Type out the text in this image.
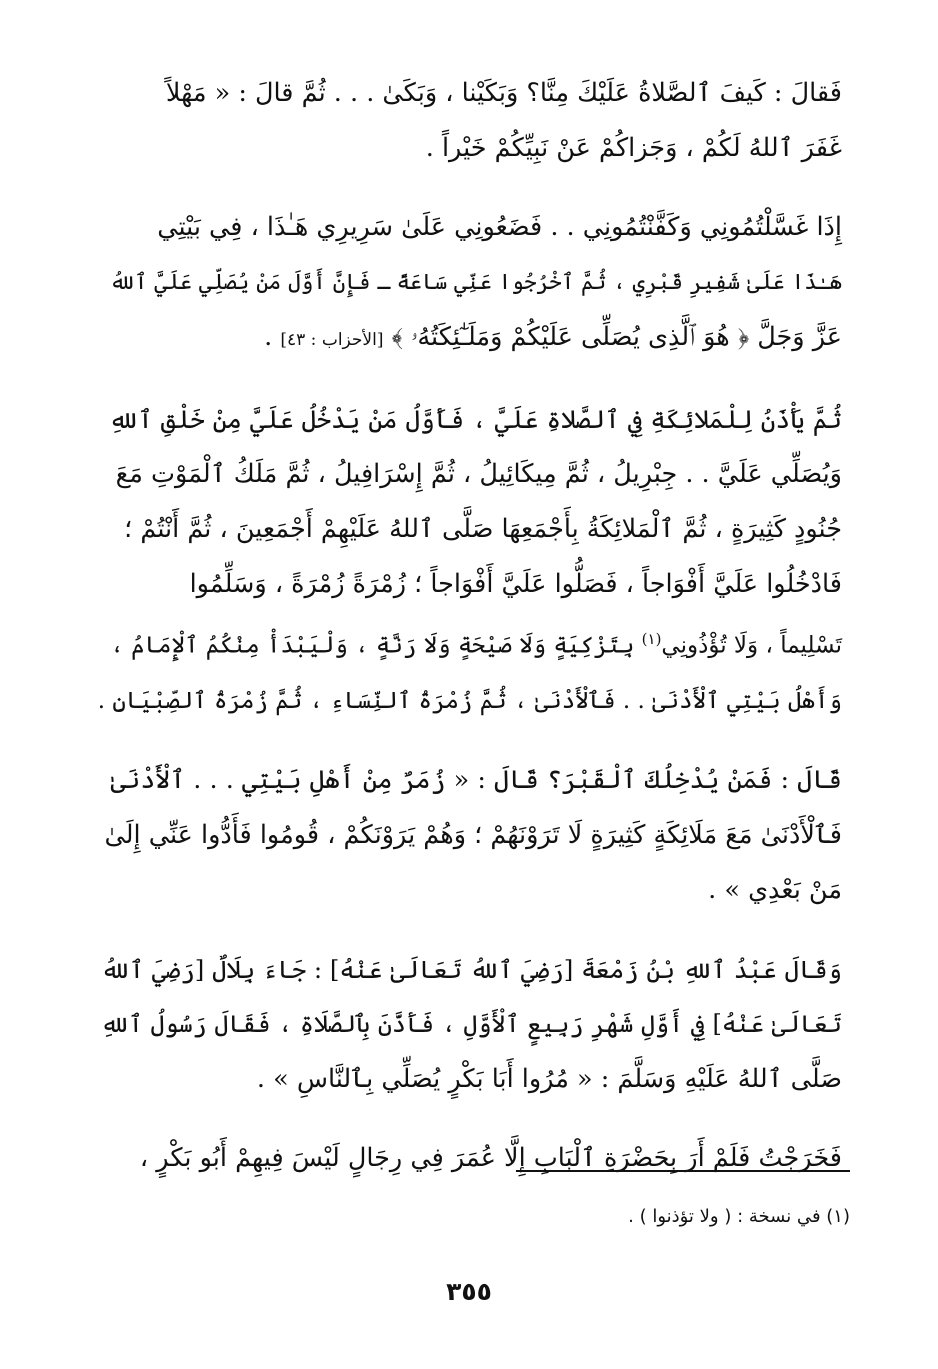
فَقالَ : كَيفَ ٱلصَّلاةُ عَلَيْكَ مِنَّا؟ وَبَكَيْنا ، وَبَكَىٰ . . . ثُمَّ قالَ : « مَهْلاً
غَفَرَ ٱللهُ لَكُمْ ، وَجَزاكُمْ عَنْ نَبِيِّكُمْ خَيْراً .
إِذَا غَسَّلْتُمُونِي وَكَفَّنْتُمُونِي . . فَضَعُونِي عَلَىٰ سَرِيرِي هَـٰذَا ، فِي بَيْتِي
هَـٰذَا عَلَىٰ شَفِيرِ قَبْرِي ، ثُمَّ ٱخْرُجُوا عَنِّي سَاعَةً ـ فَإِنَّ أَوَّلَ مَنْ يُصَلِّي عَلَيَّ ٱللهُ
عَزَّ وَجَلَّ ﴿ هُوَ ٱلَّذِى يُصَلِّى عَلَيْكُمْ وَمَلَـٰٓئِكَتُهُۥ ﴾ [الأحزاب : ٤٣] .
ثُمَّ يَأْذَنُ لِلْمَلائِكَةِ فِي ٱلصَّلاةِ عَلَيَّ ، فَأَوَّلُ مَنْ يَدْخُلُ عَلَيَّ مِنْ خَلْقِ ٱللهِ
وَيُصَلِّي عَلَيَّ . . جِبْرِيلُ ، ثُمَّ مِيكَائِيلُ ، ثُمَّ إِسْرَافِيلُ ، ثُمَّ مَلَكُ ٱلْمَوْتِ مَعَ
جُنُودٍ كَثِيرَةٍ ، ثُمَّ ٱلْمَلائِكَةُ بِأَجْمَعِهَا صَلَّى ٱللهُ عَلَيْهِمْ أَجْمَعِينَ ، ثُمَّ أَنْتُمْ ؛
فَادْخُلُوا عَلَيَّ أَفْوَاجاً ، فَصَلُّوا عَلَيَّ أَفْوَاجاً ؛ زُمْرَةً زُمْرَةً ، وَسَلِّمُوا
تَسْلِيماً ، وَلَا تُؤْذُونِي$^{(١)}$ بِتَزْكِيَةٍ وَلَا صَيْحَةٍ وَلَا رَنَّةٍ ، وَلْيَبْدَأْ مِنْكُمُ ٱلْإِمَامُ ،
وَأَهْلُ بَيْتِي ٱلْأَدْنَىٰ . . فَٱلْأَدْنَىٰ ، ثُمَّ زُمْرَةُ ٱلنِّسَاءِ ، ثُمَّ زُمْرَةُ ٱلصِّبْيَانِ .
قَالَ : فَمَنْ يُدْخِلُكَ ٱلْقَبْرَ؟ قَالَ : « زُمَرٌ مِنْ أَهْلِ بَيْتِي . . . ٱلْأَدْنَىٰ
فَٱلْأَدْنَىٰ مَعَ مَلَائِكَةٍ كَثِيرَةٍ لَا تَرَوْنَهُمْ ؛ وَهُمْ يَرَوْنَكُمْ ، قُومُوا فَأَدُّوا عَنِّي إِلَىٰ
مَنْ بَعْدِي » .
وَقَالَ عَبْدُ ٱللهِ بْنُ زَمْعَةَ [رَضِيَ ٱللهُ تَعَالَىٰ عَنْهُ] : جَاءَ بِلَالٌ [رَضِيَ ٱللهُ
تَعَالَىٰ عَنْهُ] فِي أَوَّلِ شَهْرِ رَبِيعٍ ٱلْأَوَّلِ ، فَأَذَّنَ بِٱلصَّلَاةِ ، فَقَالَ رَسُولُ ٱللهِ
صَلَّى ٱللهُ عَلَيْهِ وَسَلَّمَ : « مُرُوا أَبَا بَكْرٍ يُصَلِّي بِٱلنَّاسِ » .
فَخَرَجْتُ فَلَمْ أَرَ بِحَضْرَةِ ٱلْبَابِ إِلَّا عُمَرَ فِي رِجَالٍ لَيْسَ فِيهِمْ أَبُو بَكْرٍ ،
(١) في نسخة : ( ولا تؤذنوا ) .
٣٥٥
